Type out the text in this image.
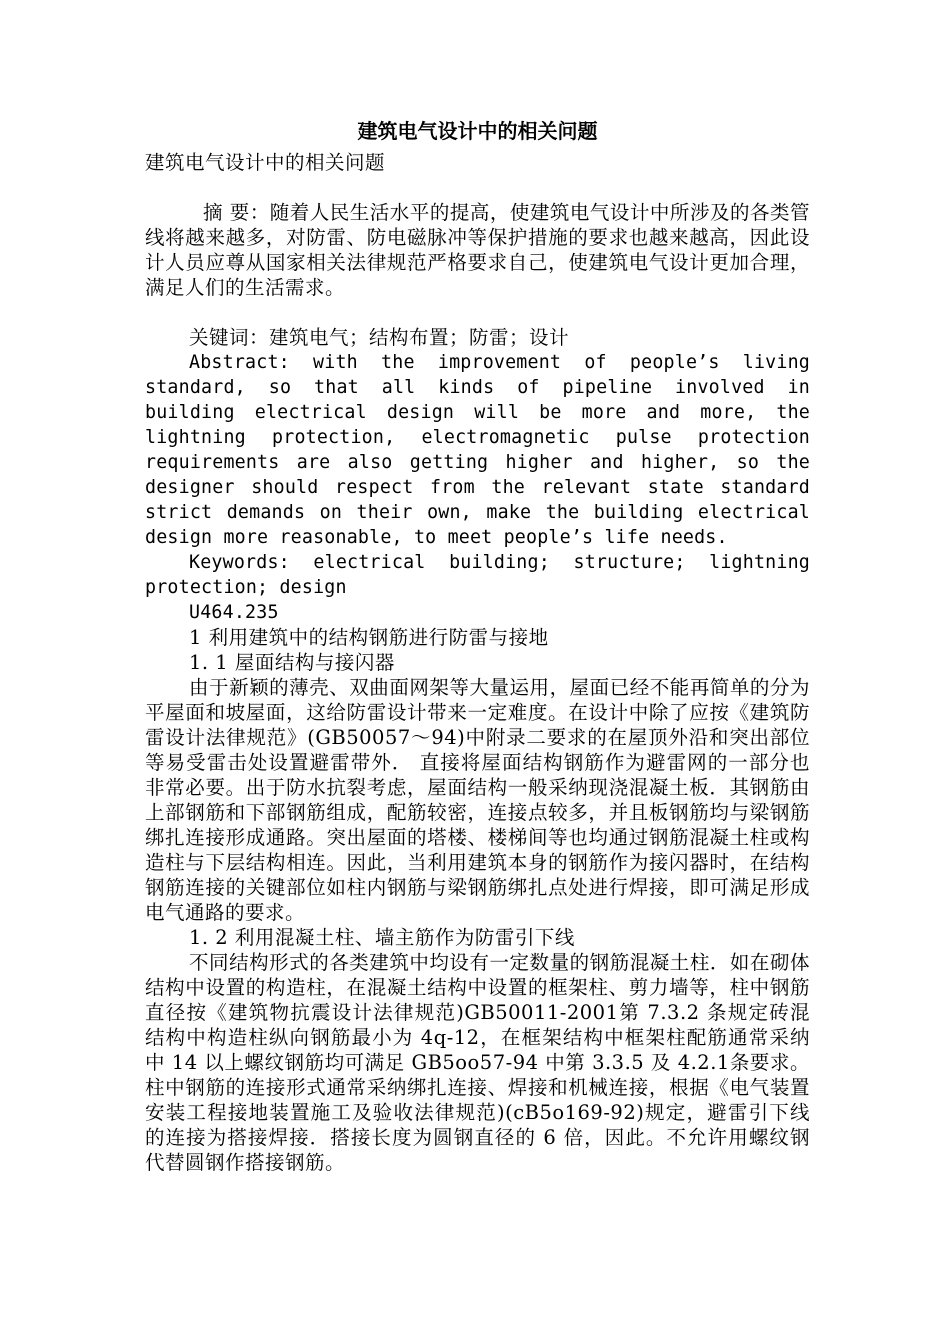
建筑电气设计中的相关问题

建筑电气设计中的相关问题

摘 要：随着人民生活水平的提高，使建筑电气设计中所涉及的各类管线将越来越多，对防雷、防电磁脉冲等保护措施的要求也越来越高，因此设计人员应尊从国家相关法律规范严格要求自己，使建筑电气设计更加合理，满足人们的生活需求。

关键词：建筑电气；结构布置；防雷；设计

Abstract: with the improvement of people’s living standard, so that all kinds of pipeline involved in building electrical design will be more and more, the lightning protection, electromagnetic pulse protection requirements are also getting higher and higher, so the designer should respect from the relevant state standard strict demands on their own, make the building electrical design more reasonable, to meet people’s life needs.

Keywords: electrical building; structure; lightning protection; design

U464.235

1 利用建筑中的结构钢筋进行防雷与接地

1. 1 屋面结构与接闪器

由于新颖的薄壳、双曲面网架等大量运用，屋面已经不能再简单的分为平屋面和坡屋面，这给防雷设计带来一定难度。在设计中除了应按《建筑防雷设计法律规范》(GB50057～94)中附录二要求的在屋顶外沿和突出部位等易受雷击处设置避雷带外． 直接将屋面结构钢筋作为避雷网的一部分也非常必要。出于防水抗裂考虑，屋面结构一般采纳现浇混凝土板．其钢筋由上部钢筋和下部钢筋组成，配筋较密，连接点较多，并且板钢筋均与梁钢筋绑扎连接形成通路。突出屋面的塔楼、楼梯间等也均通过钢筋混凝土柱或构造柱与下层结构相连。因此，当利用建筑本身的钢筋作为接闪器时，在结构钢筋连接的关键部位如柱内钢筋与梁钢筋绑扎点处进行焊接，即可满足形成电气通路的要求。

1. 2 利用混凝土柱、墙主筋作为防雷引下线

不同结构形式的各类建筑中均设有一定数量的钢筋混凝土柱．如在砌体结构中设置的构造柱，在混凝土结构中设置的框架柱、剪力墙等，柱中钢筋直径按《建筑物抗震设计法律规范)GB50011-2001第 7.3.2 条规定砖混结构中构造柱纵向钢筋最小为 4q-12，在框架结构中框架柱配筋通常采纳中 14 以上螺纹钢筋均可满足 GB5oo57-94 中第 3.3.5 及 4.2.1条要求。柱中钢筋的连接形式通常采纳绑扎连接、焊接和机械连接，根据《电气装置安装工程接地装置施工及验收法律规范)(cB5o169-92)规定，避雷引下线的连接为搭接焊接．搭接长度为圆钢直径的 6 倍，因此。不允许用螺纹钢代替圆钢作搭接钢筋。
